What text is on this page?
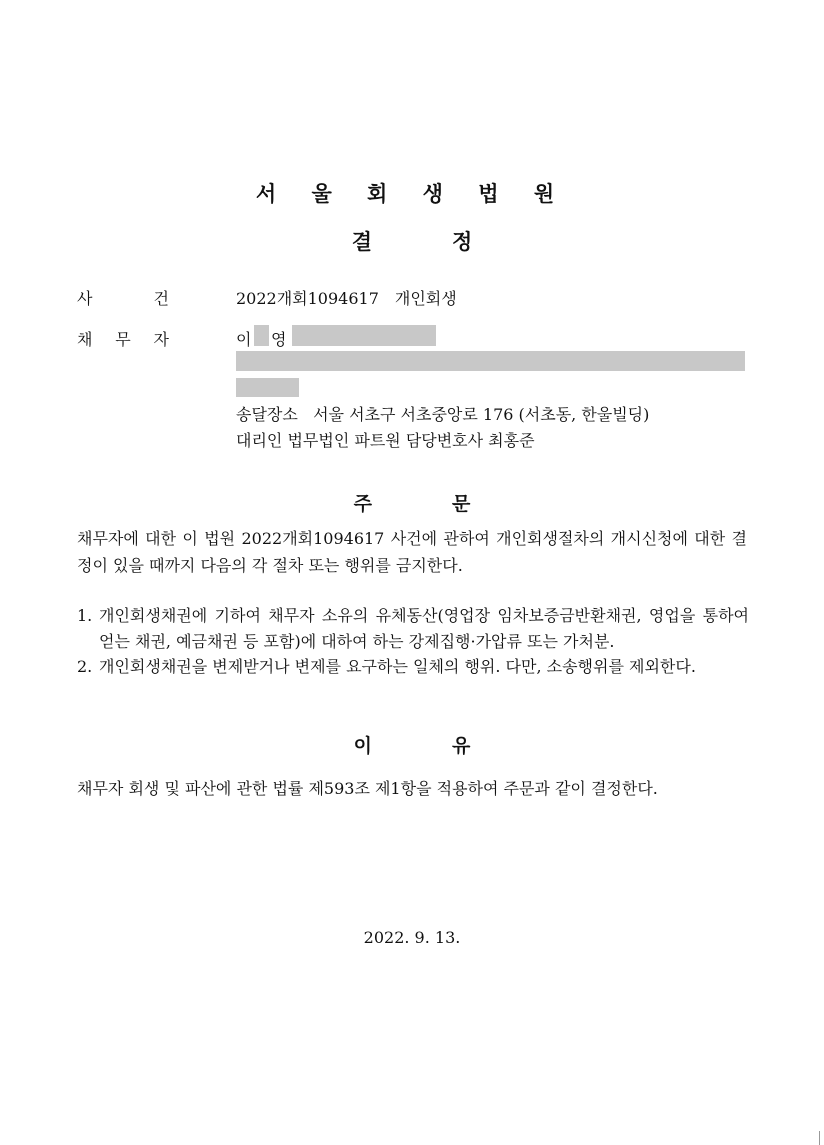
서 울 회 생 법 원
결	정
사	건	2022개회1094617　개인회생
채 무 자	이 영
송달장소 서울 서초구 서초중앙로 176 (서초동, 한울빌딩)
대리인 법무법인 파트원 담당변호사 최홍준
주	문
채무자에 대한 이 법원 2022개회1094617 사건에 관하여 개인회생절차의 개시신청에 대한 결정이 있을 때까지 다음의 각 절차 또는 행위를 금지한다.
1. 개인회생채권에 기하여 채무자 소유의 유체동산(영업장 임차보증금반환채권, 영업을 통하여 얻는 채권, 예금채권 등 포함)에 대하여 하는 강제집행·가압류 또는 가처분.
2. 개인회생채권을 변제받거나 변제를 요구하는 일체의 행위. 다만, 소송행위를 제외한다.
이	유
채무자 회생 및 파산에 관한 법률 제593조 제1항을 적용하여 주문과 같이 결정한다.
2022. 9. 13.
